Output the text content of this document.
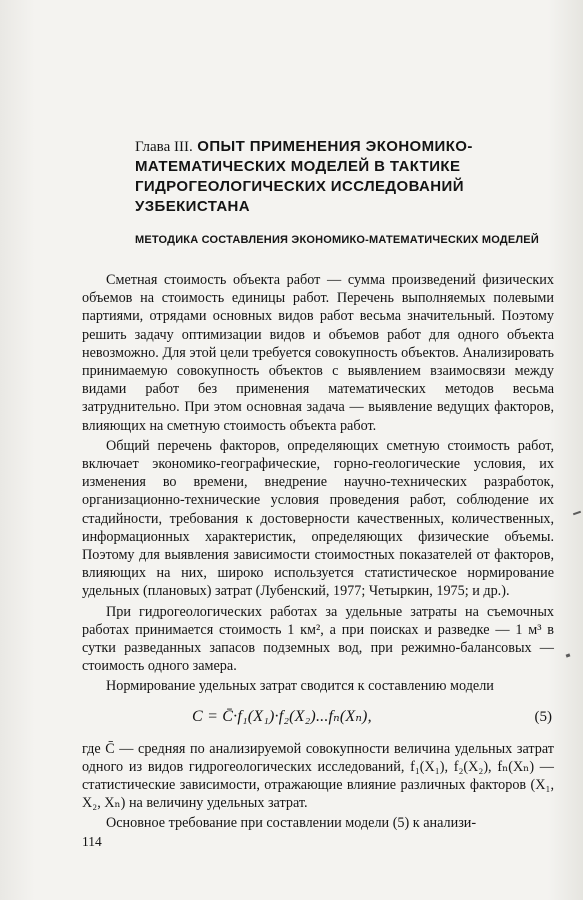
Глава III. ОПЫТ ПРИМЕНЕНИЯ ЭКОНОМИКО-МАТЕМАТИЧЕСКИХ МОДЕЛЕЙ В ТАКТИКЕ ГИДРОГЕОЛОГИЧЕСКИХ ИССЛЕДОВАНИЙ УЗБЕКИСТАНА
МЕТОДИКА СОСТАВЛЕНИЯ ЭКОНОМИКО-МАТЕМАТИЧЕСКИХ МОДЕЛЕЙ

Сметная стоимость объекта работ — сумма произведений физических объемов на стоимость единицы работ. Перечень выполняемых полевыми партиями, отрядами основных видов работ весьма значительный. Поэтому решить задачу оптимизации видов и объемов работ для одного объекта невозможно. Для этой цели требуется совокупность объектов. Анализировать принимаемую совокупность объектов с выявлением взаимосвязи между видами работ без применения математических методов весьма затруднительно. При этом основная задача — выявление ведущих факторов, влияющих на сметную стоимость объекта работ.

Общий перечень факторов, определяющих сметную стоимость работ, включает экономико-географические, горно-геологические условия, их изменения во времени, внедрение научно-технических разработок, организационно-технические условия проведения работ, соблюдение их стадийности, требования к достоверности качественных, количественных, информационных характеристик, определяющих физические объемы. Поэтому для выявления зависимости стоимостных показателей от факторов, влияющих на них, широко используется статистическое нормирование удельных (плановых) затрат (Лубенский, 1977; Четыркин, 1975; и др.).

При гидрогеологических работах за удельные затраты на съемочных работах принимается стоимость 1 км², а при поисках и разведке — 1 м³ в сутки разведанных запасов подземных вод, при режимно-балансовых — стоимость одного замера.

Нормирование удельных затрат сводится к составлению модели

C = C̄·f₁(X₁)·f₂(X₂)...fₙ(Xₙ),	(5)

где C̄ — средняя по анализируемой совокупности величина удельных затрат одного из видов гидрогеологических исследований, f₁(X₁), f₂(X₂), fₙ(Xₙ) — статистические зависимости, отражающие влияние различных факторов (X₁, X₂, Xₙ) на величину удельных затрат.

Основное требование при составлении модели (5) к анализи-

114
